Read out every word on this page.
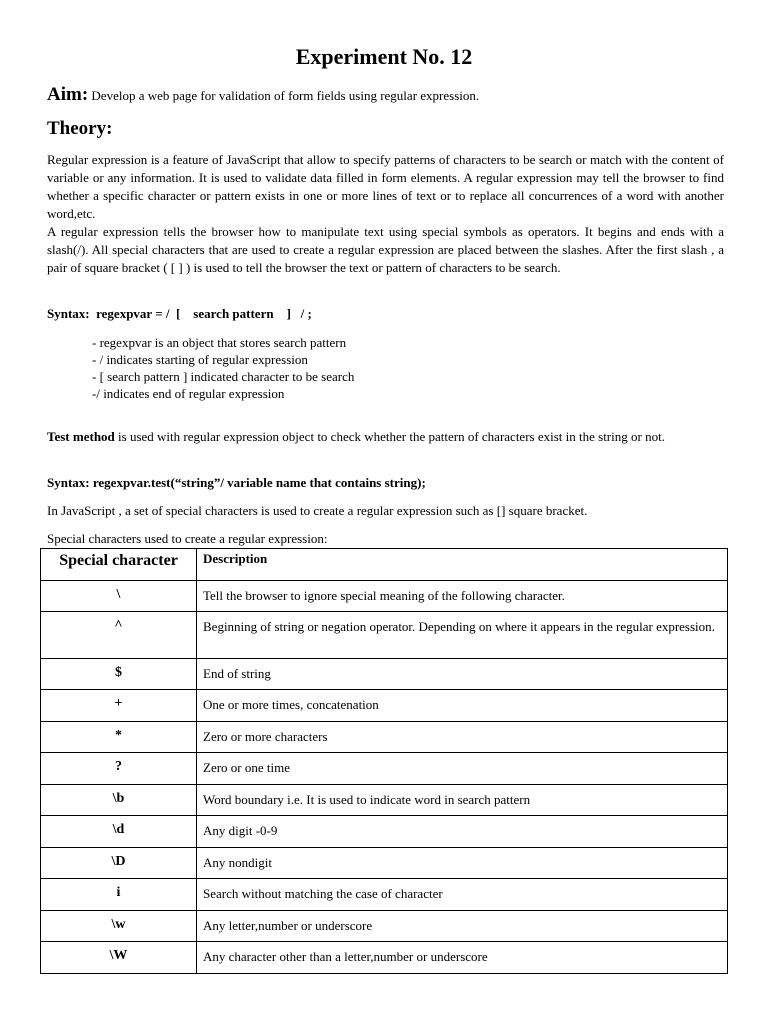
Experiment No. 12
Aim: Develop a web page for validation of form fields using regular expression.
Theory:

Regular expression is a feature of JavaScript that allow to specify patterns of characters to be search or match with the content of variable or any information. It is used to validate data filled in form elements. A regular expression may tell the browser to find whether a specific character or pattern exists in one or more lines of text or to replace all concurrences of a word with another word,etc.

A regular expression tells the browser how to manipulate text using special symbols as operators. It begins and ends with a slash(/). All special characters that are used to create a regular expression are placed between the slashes. After the first slash , a pair of square bracket ( [ ] ) is used to tell the browser the text or pattern of characters to be search.

Syntax:  regexpvar = /  [    search pattern    ]   / ;
- regexpvar is an object that stores search pattern
- / indicates starting of regular expression
- [ search pattern ] indicated character to be search
-/ indicates end of regular expression

Test method is used with regular expression object to check whether the pattern of characters exist in the string or not.

Syntax: regexpvar.test(“string”/ variable name that contains string);
In JavaScript , a set of special characters is used to create a regular expression such as [] square bracket.
Special characters used to create a regular expression:
Special character	Description
\	Tell the browser to ignore special meaning of the following character.
^	Beginning of string or negation operator. Depending on where it appears in the regular expression.
$	End of string
+	One or more times, concatenation
*	Zero or more characters
?	Zero or one time
\b	Word boundary i.e. It is used to indicate word in search pattern
\d	Any digit -0-9
\D	Any nondigit
i	Search without matching the case of character
\w	Any letter,number or underscore
\W	Any character other than a letter,number or underscore
